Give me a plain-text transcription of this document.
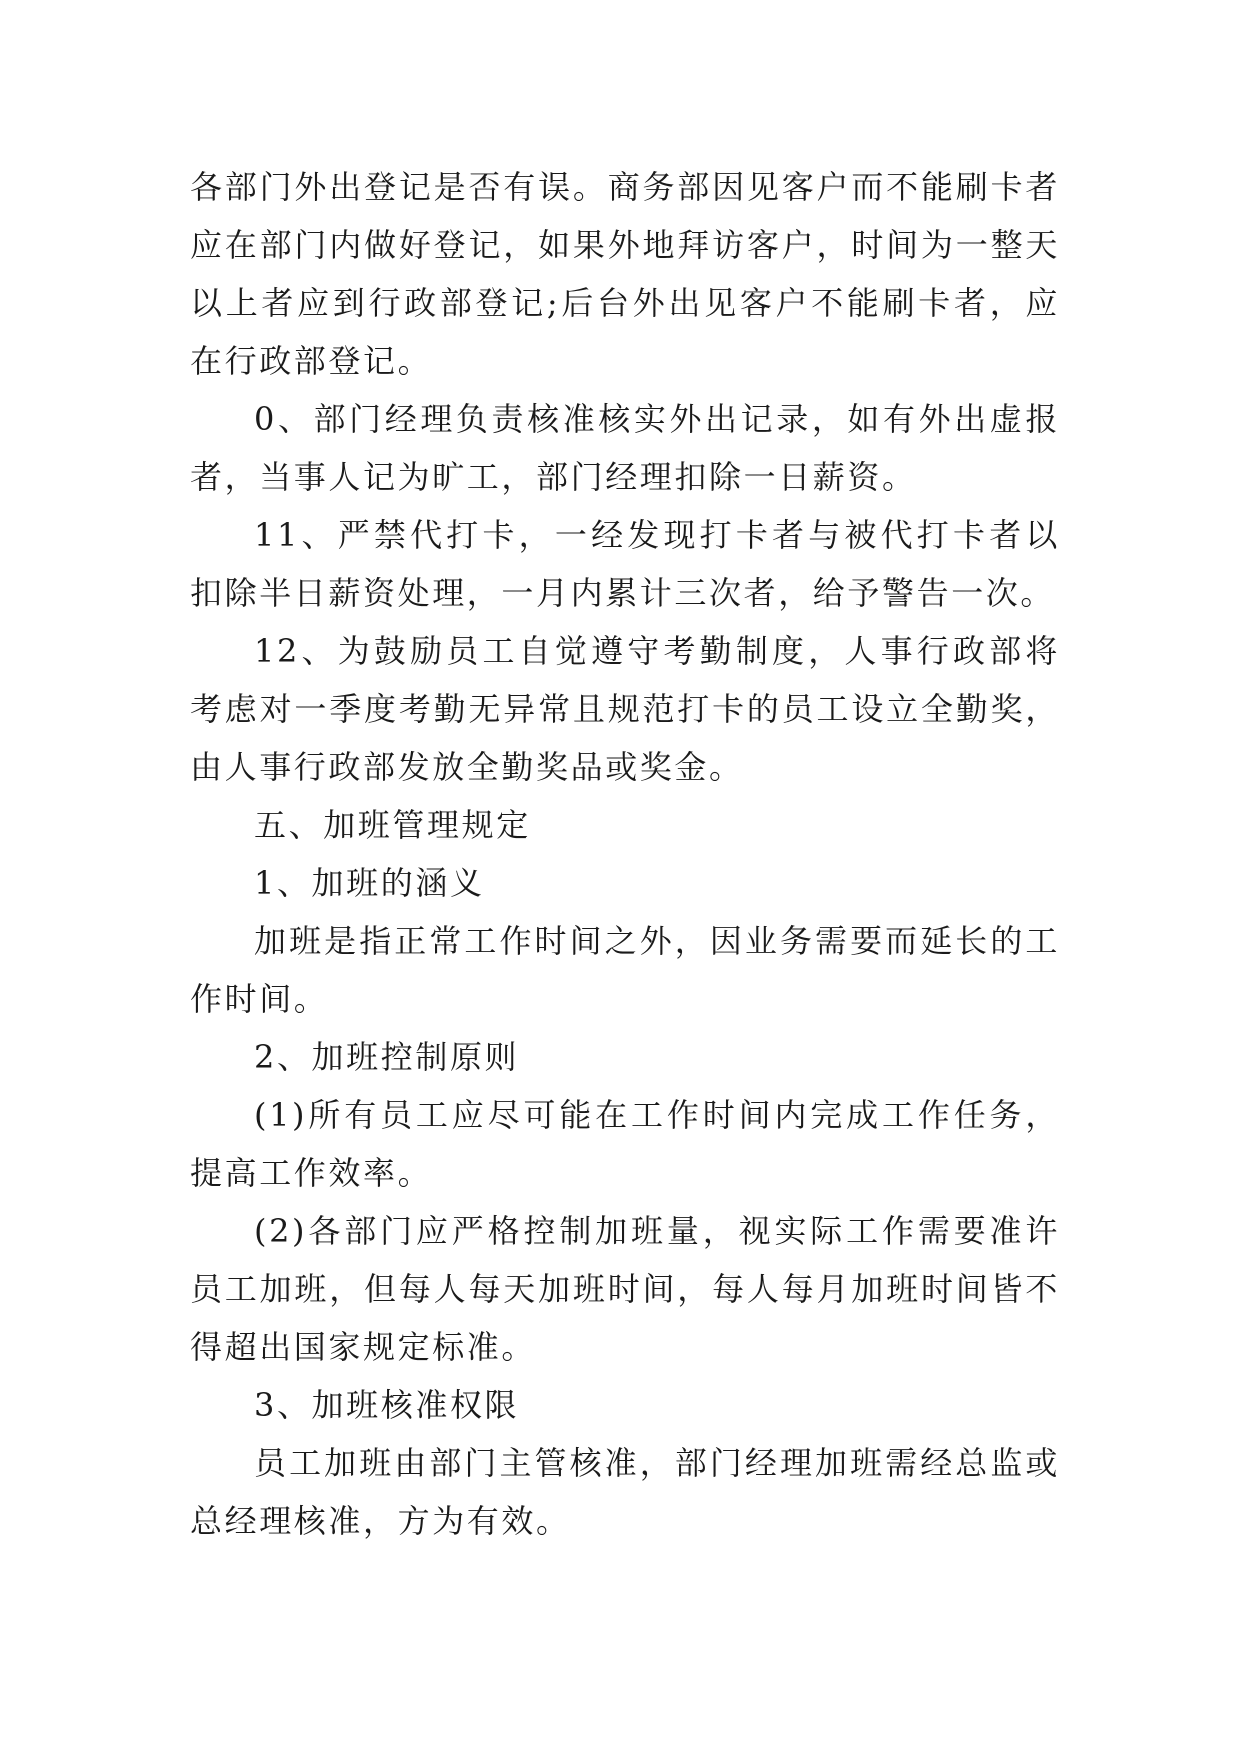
各部门外出登记是否有误。商务部因见客户而不能刷卡者应在部门内做好登记，如果外地拜访客户，时间为一整天以上者应到行政部登记;后台外出见客户不能刷卡者，应在行政部登记。

0、部门经理负责核准核实外出记录，如有外出虚报者，当事人记为旷工，部门经理扣除一日薪资。

11、严禁代打卡，一经发现打卡者与被代打卡者以扣除半日薪资处理，一月内累计三次者，给予警告一次。

12、为鼓励员工自觉遵守考勤制度，人事行政部将考虑对一季度考勤无异常且规范打卡的员工设立全勤奖，由人事行政部发放全勤奖品或奖金。

五、加班管理规定

1、加班的涵义

加班是指正常工作时间之外，因业务需要而延长的工作时间。

2、加班控制原则

(1)所有员工应尽可能在工作时间内完成工作任务，提高工作效率。

(2)各部门应严格控制加班量，视实际工作需要准许员工加班，但每人每天加班时间，每人每月加班时间皆不得超出国家规定标准。

3、加班核准权限

员工加班由部门主管核准，部门经理加班需经总监或总经理核准，方为有效。
